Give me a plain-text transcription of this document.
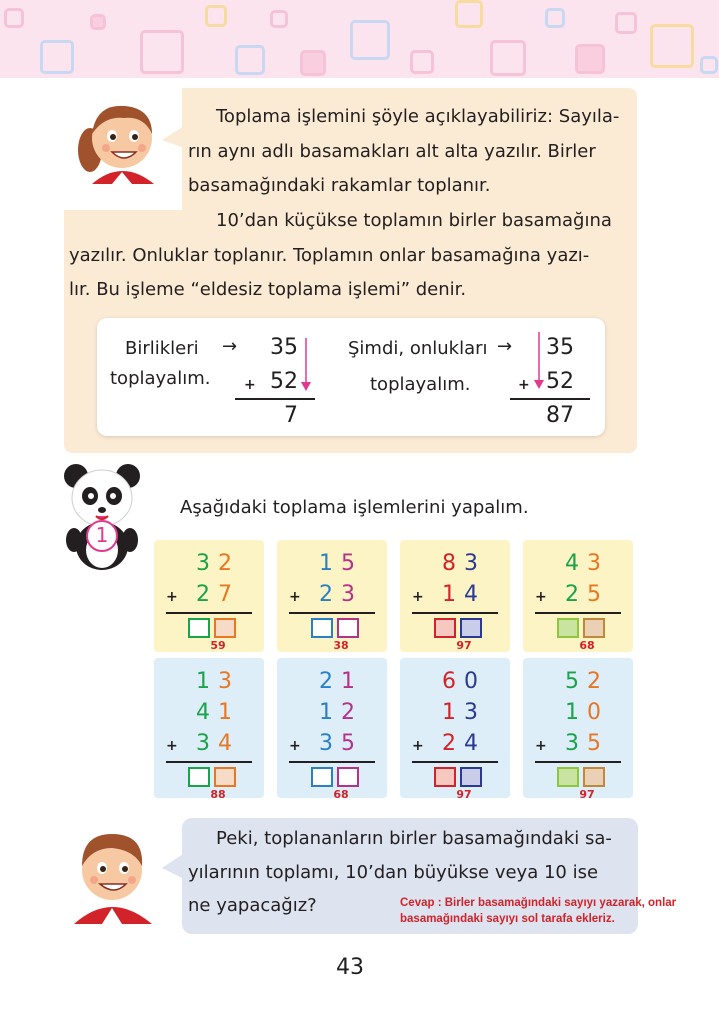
Toplama işlemini şöyle açıklayabiliriz: Sayıla-
rın aynı adlı basamakları alt alta yazılır. Birler
basamağındaki rakamlar toplanır.
10’dan küçükse toplamın birler basamağına
yazılır. Onluklar toplanır. Toplamın onlar basamağına yazı-
lır. Bu işleme “eldesiz toplama işlemi” denir.
Birlikleri
toplayalım.
→ 35
+ 52
7
Şimdi, onlukları
toplayalım.
→ 35
+ 52
87
1
Aşağıdaki toplama işlemlerini yapalım.
3 2
2 7
+
59
1 5
2 3
+
38
8 3
1 4
+
97
4 3
2 5
+
68
1 3
4 1
3 4
+
88
2 1
1 2
3 5
+
68
6 0
1 3
2 4
+
97
5 2
1 0
3 5
+
97
Peki, toplananların birler basamağındaki sa-
yılarının toplamı, 10’dan büyükse veya 10 ise
ne yapacağız?	Cevap : Birler basamağındaki sayıyı yazarak, onlar
basamağındaki sayıyı sol tarafa ekleriz.
43
